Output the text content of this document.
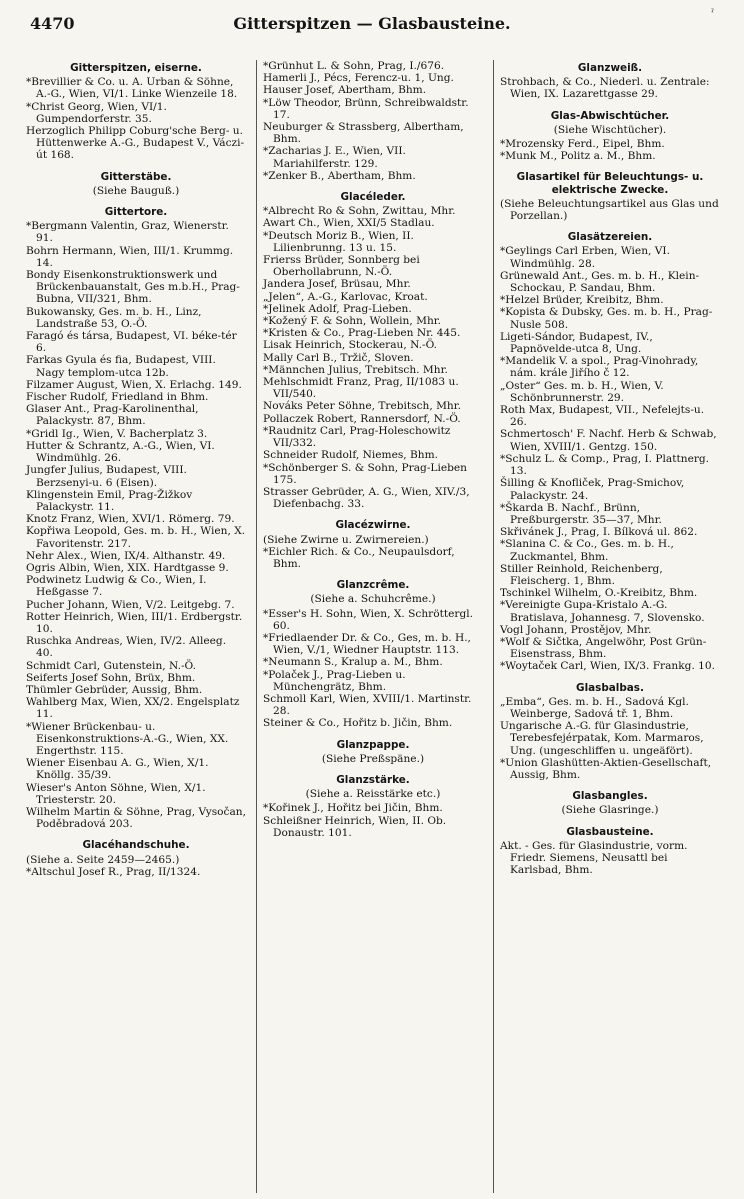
4470	Gitterspitzen — Glasbausteine.
ˀ
Gitterspitzen, eiserne.

*Brevillier & Co. u. A. Urban & Söhne, A.-G., Wien, VI/1. Linke Wienzeile 18.

*Christ Georg, Wien, VI/1. Gumpendorferstr. 35.

Herzoglich Philipp Coburg'sche Berg- u. Hüttenwerke A.-G., Budapest V., Váczi-út 168.

Gitterstäbe.
(Siehe Bauguß.)
Gittertore.

*Bergmann Valentin, Graz, Wienerstr. 91.

Bohrn Hermann, Wien, III/1. Krummg. 14.

Bondy Eisenkonstruktionswerk und Brückenbauanstalt, Ges m.b.H., Prag-Bubna, VII/321, Bhm.

Bukowansky, Ges. m. b. H., Linz, Landstraße 53, O.-Ö.

Faragó és társa, Budapest, VI. béke-tér 6.

Farkas Gyula és fia, Budapest, VIII. Nagy templom-utca 12b.

Filzamer August, Wien, X. Erlachg. 149.

Fischer Rudolf, Friedland in Bhm.

Glaser Ant., Prag-Karolinenthal, Palackystr. 87, Bhm.

*Gridl Ig., Wien, V. Bacherplatz 3.

Hutter & Schrantz, A.-G., Wien, VI. Windmühlg. 26.

Jungfer Julius, Budapest, VIII. Berzsenyi-u. 6 (Eisen).

Klingenstein Emil, Prag-Žižkov Palackystr. 11.

Knotz Franz, Wien, XVI/1. Römerg. 79.

Kopřiwa Leopold, Ges. m. b. H., Wien, X. Favoritenstr. 217.

Nehr Alex., Wien, IX/4. Althanstr. 49.

Ogris Albin, Wien, XIX. Hardtgasse 9.

Podwinetz Ludwig & Co., Wien, I. Heßgasse 7.

Pucher Johann, Wien, V/2. Leitgebg. 7.

Rotter Heinrich, Wien, III/1. Erdbergstr. 10.

Ruschka Andreas, Wien, IV/2. Alleeg. 40.

Schmidt Carl, Gutenstein, N.-Ö.

Seiferts Josef Sohn, Brüx, Bhm.

Thümler Gebrüder, Aussig, Bhm.

Wahlberg Max, Wien, XX/2. Engelsplatz 11.

*Wiener Brückenbau- u. Eisenkonstruktions-A.-G., Wien, XX. Engerthstr. 115.

Wiener Eisenbau A. G., Wien, X/1. Knöllg. 35/39.

Wieser's Anton Söhne, Wien, X/1. Triesterstr. 20.

Wilhelm Martin & Söhne, Prag, Vysočan, Poděbradová 203.

Glacéhandschuhe.

(Siehe a. Seite 2459—2465.)

*Altschul Josef R., Prag, II/1324.

*Grünhut L. & Sohn, Prag, I./676.

Hamerli J., Pécs, Ferencz-u. 1, Ung.

Hauser Josef, Abertham, Bhm.

*Löw Theodor, Brünn, Schreibwaldstr. 17.

Neuburger & Strassberg, Albertham, Bhm.

*Zacharias J. E., Wien, VII. Mariahilferstr. 129.

*Zenker B., Abertham, Bhm.

Glacéleder.

*Albrecht Ro & Sohn, Zwittau, Mhr.

Awart Ch., Wien, XXI/5 Stadlau.

*Deutsch Moriz B., Wien, II. Lilienbrunng. 13 u. 15.

Frierss Brüder, Sonnberg bei Oberhollabrunn, N.-Ö.

Jandera Josef, Brüsau, Mhr.

„Jelen“, A.-G., Karlovac, Kroat.

*Jelinek Adolf, Prag-Lieben.

*Kožený F. & Sohn, Wollein, Mhr.

*Kristen & Co., Prag-Lieben Nr. 445.

Lisak Heinrich, Stockerau, N.-Ö.

Mally Carl B., Tržič, Sloven.

*Männchen Julius, Trebitsch. Mhr.

Mehlschmidt Franz, Prag, II/1083 u. VII/540.

Nováks Peter Söhne, Trebitsch, Mhr.

Pollaczek Robert, Rannersdorf, N.-Ö.

*Raudnitz Carl, Prag-Holeschowitz VII/332.

Schneider Rudolf, Niemes, Bhm.

*Schönberger S. & Sohn, Prag-Lieben 175.

Strasser Gebrüder, A. G., Wien, XIV./3, Diefenbachg. 33.

Glacézwirne.

(Siehe Zwirne u. Zwirnereien.)

*Eichler Rich. & Co., Neupaulsdorf, Bhm.

Glanzcrême.
(Siehe a. Schuhcrême.)

*Esser's H. Sohn, Wien, X. Schröttergl. 60.

*Friedlaender Dr. & Co., Ges, m. b. H., Wien, V./1, Wiedner Hauptstr. 113.

*Neumann S., Kralup a. M., Bhm.

*Polaček J., Prag-Lieben u. Münchengrätz, Bhm.

Schmoll Karl, Wien, XVIII/1. Martinstr. 28.

Steiner & Co., Hořitz b. Jičin, Bhm.

Glanzpappe.
(Siehe Preßspäne.)
Glanzstärke.
(Siehe a. Reisstärke etc.)

*Kořinek J., Hořitz bei Jičin, Bhm.

Schleißner Heinrich, Wien, II. Ob. Donaustr. 101.

Glanzweiß.

Strohbach, & Co., Niederl. u. Zentrale: Wien, IX. Lazarettgasse 29.

Glas-Abwischtücher.
(Siehe Wischtücher).

*Mrozensky Ferd., Eipel, Bhm.

*Munk M., Politz a. M., Bhm.

Glasartikel für Beleuchtungs- u. elektrische Zwecke.

(Siehe Beleuchtungsartikel aus Glas und Porzellan.)

Glasätzereien.

*Geylings Carl Erben, Wien, VI. Windmühlg. 28.

Grünewald Ant., Ges. m. b. H., Klein-Schockau, P. Sandau, Bhm.

*Helzel Brüder, Kreibitz, Bhm.

*Kopista & Dubsky, Ges. m. b. H., Prag-Nusle 508.

Ligeti-Sándor, Budapest, IV., Papnövelde-utca 8, Ung.

*Mandelik V. a spol., Prag-Vinohrady, nám. krále Jiřího č 12.

„Oster“ Ges. m. b. H., Wien, V. Schönbrunnerstr. 29.

Roth Max, Budapest, VII., Nefelejts-u. 26.

Schmertosch' F. Nachf. Herb & Schwab, Wien, XVIII/1. Gentzg. 150.

*Schulz L. & Comp., Prag, I. Plattnerg. 13.

Šilling & Knofliček, Prag-Smichov, Palackystr. 24.

*Škarda B. Nachf., Brünn, Preßburgerstr. 35—37, Mhr.

Skřivánek J., Prag, I. Bílková ul. 862.

*Slanina C. & Co., Ges. m. b. H., Zuckmantel, Bhm.

Stiller Reinhold, Reichenberg, Fleischerg. 1, Bhm.

Tschinkel Wilhelm, O.-Kreibitz, Bhm.

*Vereinigte Gupa-Kristalo A.-G. Bratislava, Johannesg. 7, Slovensko.

Vogl Johann, Prostějov, Mhr.

*Wolf & Sičtka, Angelwöhr, Post Grün-Eisenstrass, Bhm.

*Woytaček Carl, Wien, IX/3. Frankg. 10.

Glasbalbas.

„Emba“, Ges. m. b. H., Sadová Kgl. Weinberge, Sadová tř. 1, Bhm.

Ungarische A.-G. für Glasindustrie, Terebesfejérpatak, Kom. Marmaros, Ung. (ungeschliffen u. ungeäfört).

*Union Glashütten-Aktien-Gesellschaft, Aussig, Bhm.

Glasbangles.
(Siehe Glasringe.)
Glasbausteine.

Akt. - Ges. für Glasindustrie, vorm. Friedr. Siemens, Neusattl bei Karlsbad, Bhm.
